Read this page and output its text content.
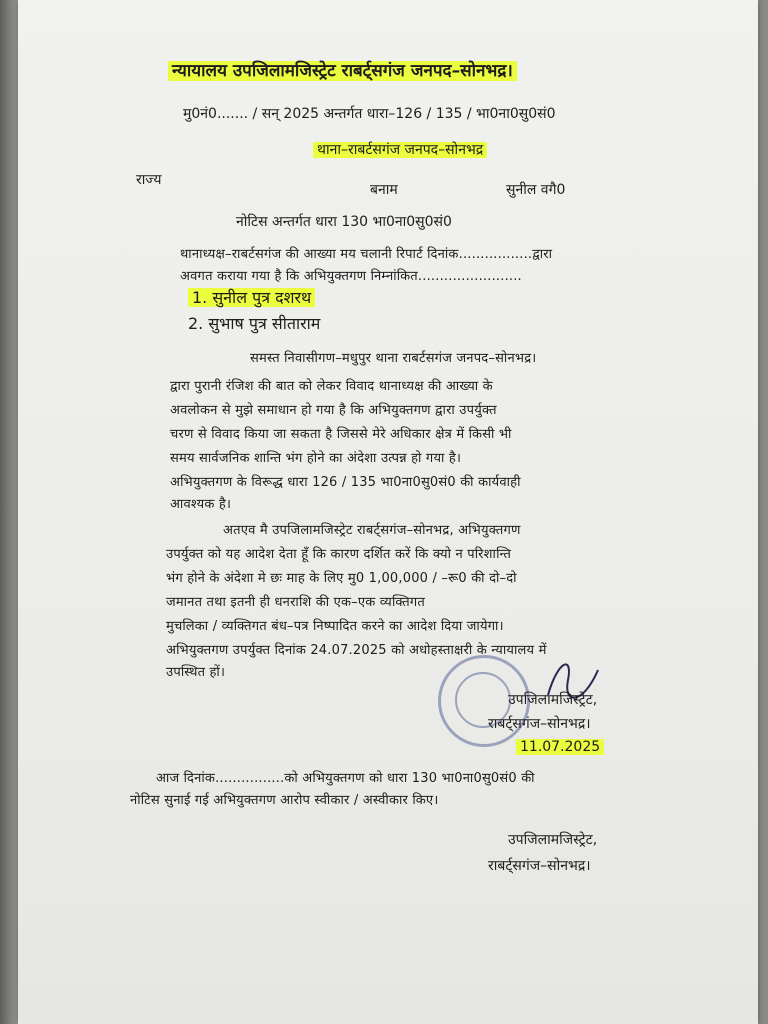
न्यायालय उपजिलामजिस्ट्रेट राबर्ट्सगंज जनपद–सोनभद्र।
मु0नं0....... / सन् 2025 अन्तर्गत धारा–126 / 135 / भा0ना0सु0सं0
थाना–राबर्टसगंज जनपद–सोनभद्र
राज्य
बनाम	सुनील वगै0
नोटिस अन्तर्गत धारा 130 भा0ना0सु0सं0
थानाध्यक्ष–राबर्टसगंज की आख्या मय चलानी रिपार्ट दिनांक.................द्वारा
अवगत कराया गया है कि अभियुक्तगण निम्नांकित........................
1. सुनील पुत्र दशरथ
2. सुभाष पुत्र सीताराम
समस्त निवासीगण–मधुपुर थाना राबर्टसगंज जनपद–सोनभद्र।
द्वारा पुरानी रंजिश की बात को लेकर विवाद थानाध्यक्ष की आख्या के
अवलोकन से मुझे समाधान हो गया है कि अभियुक्तगण द्वारा उपर्युक्त
चरण से विवाद किया जा सकता है जिससे मेरे अधिकार क्षेत्र में किसी भी
समय सार्वजनिक शान्ति भंग होने का अंदेशा उत्पन्न हो गया है।
अभियुक्तगण के विरूद्ध धारा 126 / 135 भा0ना0सु0सं0 की कार्यवाही
आवश्यक है।
अतएव मै उपजिलामजिस्ट्रेट राबर्ट्सगंज–सोनभद्र, अभियुक्तगण
उपर्युक्त को यह आदेश देता हूँ कि कारण दर्शित करें कि क्यो न परिशान्ति
भंग होने के अंदेशा मे छः माह के लिए मु0 1,00,000 / –रू0 की दो–दो
जमानत तथा इतनी ही धनराशि की एक–एक व्यक्तिगत
मुचलिका / व्यक्तिगत बंध–पत्र निष्पादित करने का आदेश दिया जायेगा।
अभियुक्तगण उपर्युक्त दिनांक 24.07.2025 को अधोहस्ताक्षरी के न्यायालय में
उपस्थित हों।
उपजिलामजिस्ट्रेट,
राबर्ट्सगंज–सोनभद्र।
11.07.2025
आज दिनांक................को अभियुक्तगण को धारा 130 भा0ना0सु0सं0 की
नोटिस सुनाई गई अभियुक्तगण आरोप स्वीकार / अस्वीकार किए।
उपजिलामजिस्ट्रेट,
राबर्ट्सगंज–सोनभद्र।
